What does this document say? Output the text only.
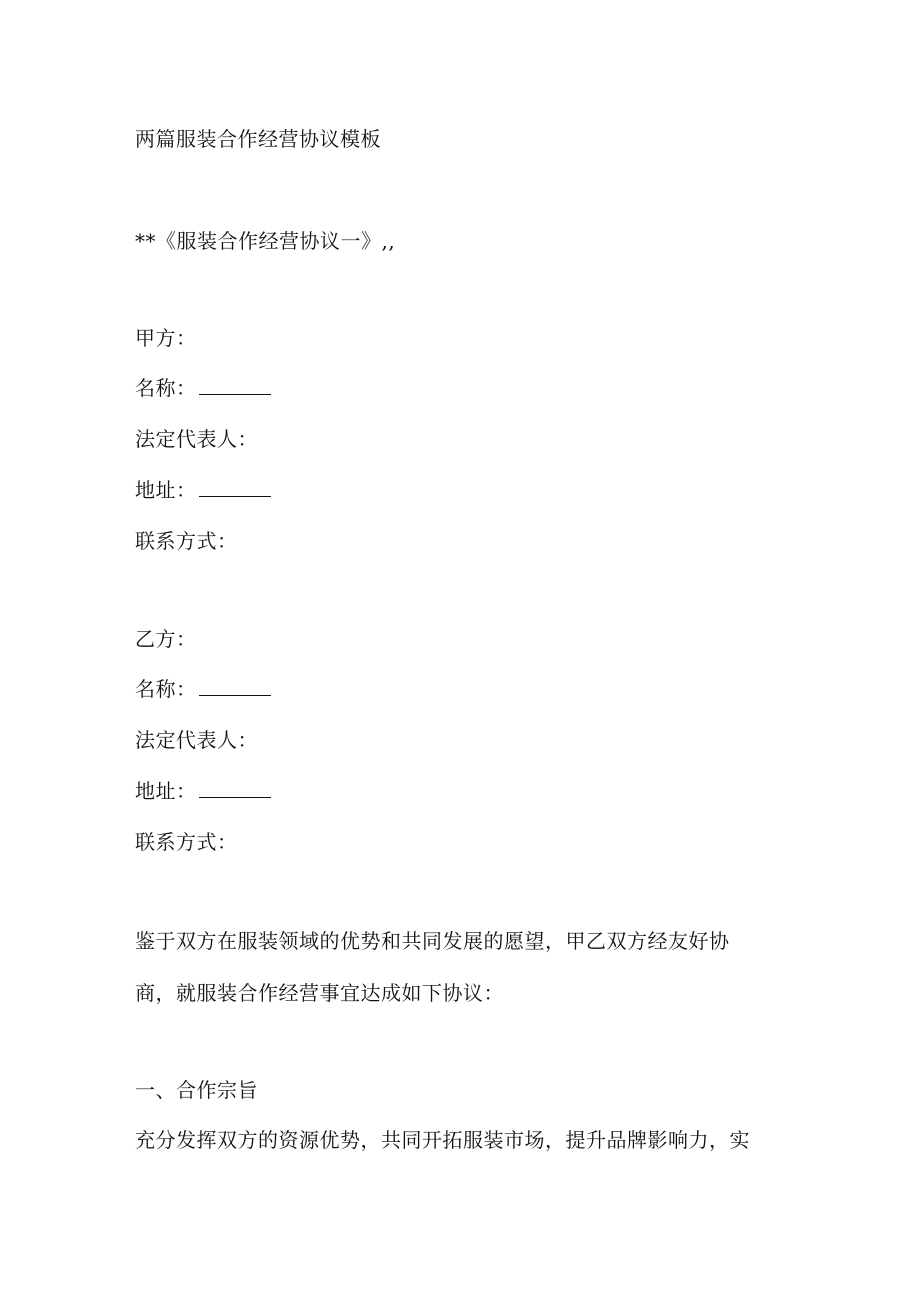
两篇服装合作经营协议模板
**《服装合作经营协议一》,,
甲方：
名称：
法定代表人：
地址：
联系方式：
乙方：
名称：
法定代表人：
地址：
联系方式：
鉴于双方在服装领域的优势和共同发展的愿望，甲乙双方经友好协
商，就服装合作经营事宜达成如下协议：
一、合作宗旨
充分发挥双方的资源优势，共同开拓服装市场，提升品牌影响力，实
